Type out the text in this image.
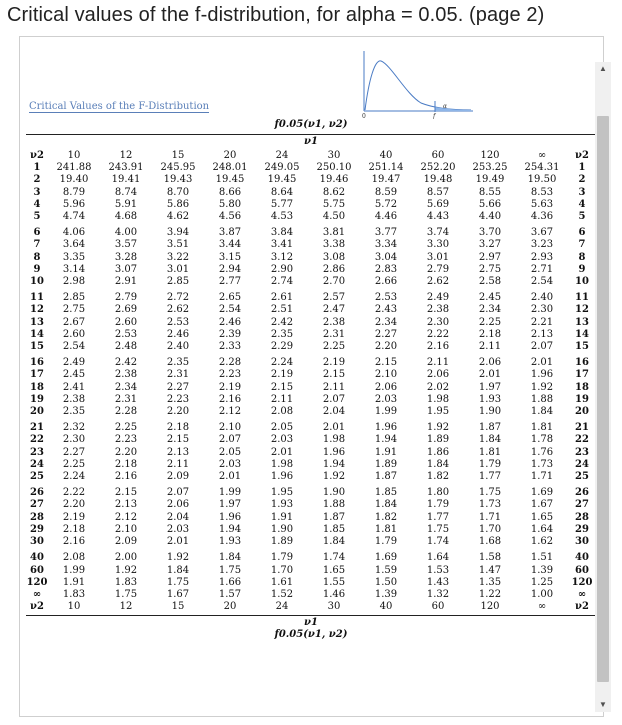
Critical values of the f-distribution, for alpha = 0.05. (page 2)
0	f
α
Critical Values of the F-Distribution
f0.05(ν1, ν2)
ν1
ν2	10	12	15	20	24	30	40	60	120	∞	ν2
1	241.88	243.91	245.95	248.01	249.05	250.10	251.14	252.20	253.25	254.31	1
2	19.40	19.41	19.43	19.45	19.45	19.46	19.47	19.48	19.49	19.50	2
3	8.79	8.74	8.70	8.66	8.64	8.62	8.59	8.57	8.55	8.53	3
4	5.96	5.91	5.86	5.80	5.77	5.75	5.72	5.69	5.66	5.63	4
5	4.74	4.68	4.62	4.56	4.53	4.50	4.46	4.43	4.40	4.36	5

6	4.06	4.00	3.94	3.87	3.84	3.81	3.77	3.74	3.70	3.67	6
7	3.64	3.57	3.51	3.44	3.41	3.38	3.34	3.30	3.27	3.23	7
8	3.35	3.28	3.22	3.15	3.12	3.08	3.04	3.01	2.97	2.93	8
9	3.14	3.07	3.01	2.94	2.90	2.86	2.83	2.79	2.75	2.71	9
10	2.98	2.91	2.85	2.77	2.74	2.70	2.66	2.62	2.58	2.54	10

11	2.85	2.79	2.72	2.65	2.61	2.57	2.53	2.49	2.45	2.40	11
12	2.75	2.69	2.62	2.54	2.51	2.47	2.43	2.38	2.34	2.30	12
13	2.67	2.60	2.53	2.46	2.42	2.38	2.34	2.30	2.25	2.21	13
14	2.60	2.53	2.46	2.39	2.35	2.31	2.27	2.22	2.18	2.13	14
15	2.54	2.48	2.40	2.33	2.29	2.25	2.20	2.16	2.11	2.07	15

16	2.49	2.42	2.35	2.28	2.24	2.19	2.15	2.11	2.06	2.01	16
17	2.45	2.38	2.31	2.23	2.19	2.15	2.10	2.06	2.01	1.96	17
18	2.41	2.34	2.27	2.19	2.15	2.11	2.06	2.02	1.97	1.92	18
19	2.38	2.31	2.23	2.16	2.11	2.07	2.03	1.98	1.93	1.88	19
20	2.35	2.28	2.20	2.12	2.08	2.04	1.99	1.95	1.90	1.84	20

21	2.32	2.25	2.18	2.10	2.05	2.01	1.96	1.92	1.87	1.81	21
22	2.30	2.23	2.15	2.07	2.03	1.98	1.94	1.89	1.84	1.78	22
23	2.27	2.20	2.13	2.05	2.01	1.96	1.91	1.86	1.81	1.76	23
24	2.25	2.18	2.11	2.03	1.98	1.94	1.89	1.84	1.79	1.73	24
25	2.24	2.16	2.09	2.01	1.96	1.92	1.87	1.82	1.77	1.71	25

26	2.22	2.15	2.07	1.99	1.95	1.90	1.85	1.80	1.75	1.69	26
27	2.20	2.13	2.06	1.97	1.93	1.88	1.84	1.79	1.73	1.67	27
28	2.19	2.12	2.04	1.96	1.91	1.87	1.82	1.77	1.71	1.65	28
29	2.18	2.10	2.03	1.94	1.90	1.85	1.81	1.75	1.70	1.64	29
30	2.16	2.09	2.01	1.93	1.89	1.84	1.79	1.74	1.68	1.62	30

40	2.08	2.00	1.92	1.84	1.79	1.74	1.69	1.64	1.58	1.51	40
60	1.99	1.92	1.84	1.75	1.70	1.65	1.59	1.53	1.47	1.39	60
120	1.91	1.83	1.75	1.66	1.61	1.55	1.50	1.43	1.35	1.25	120
∞	1.83	1.75	1.67	1.57	1.52	1.46	1.39	1.32	1.22	1.00	∞
ν2	10	12	15	20	24	30	40	60	120	∞	ν2
ν1
f0.05(ν1, ν2)
▲
▼
